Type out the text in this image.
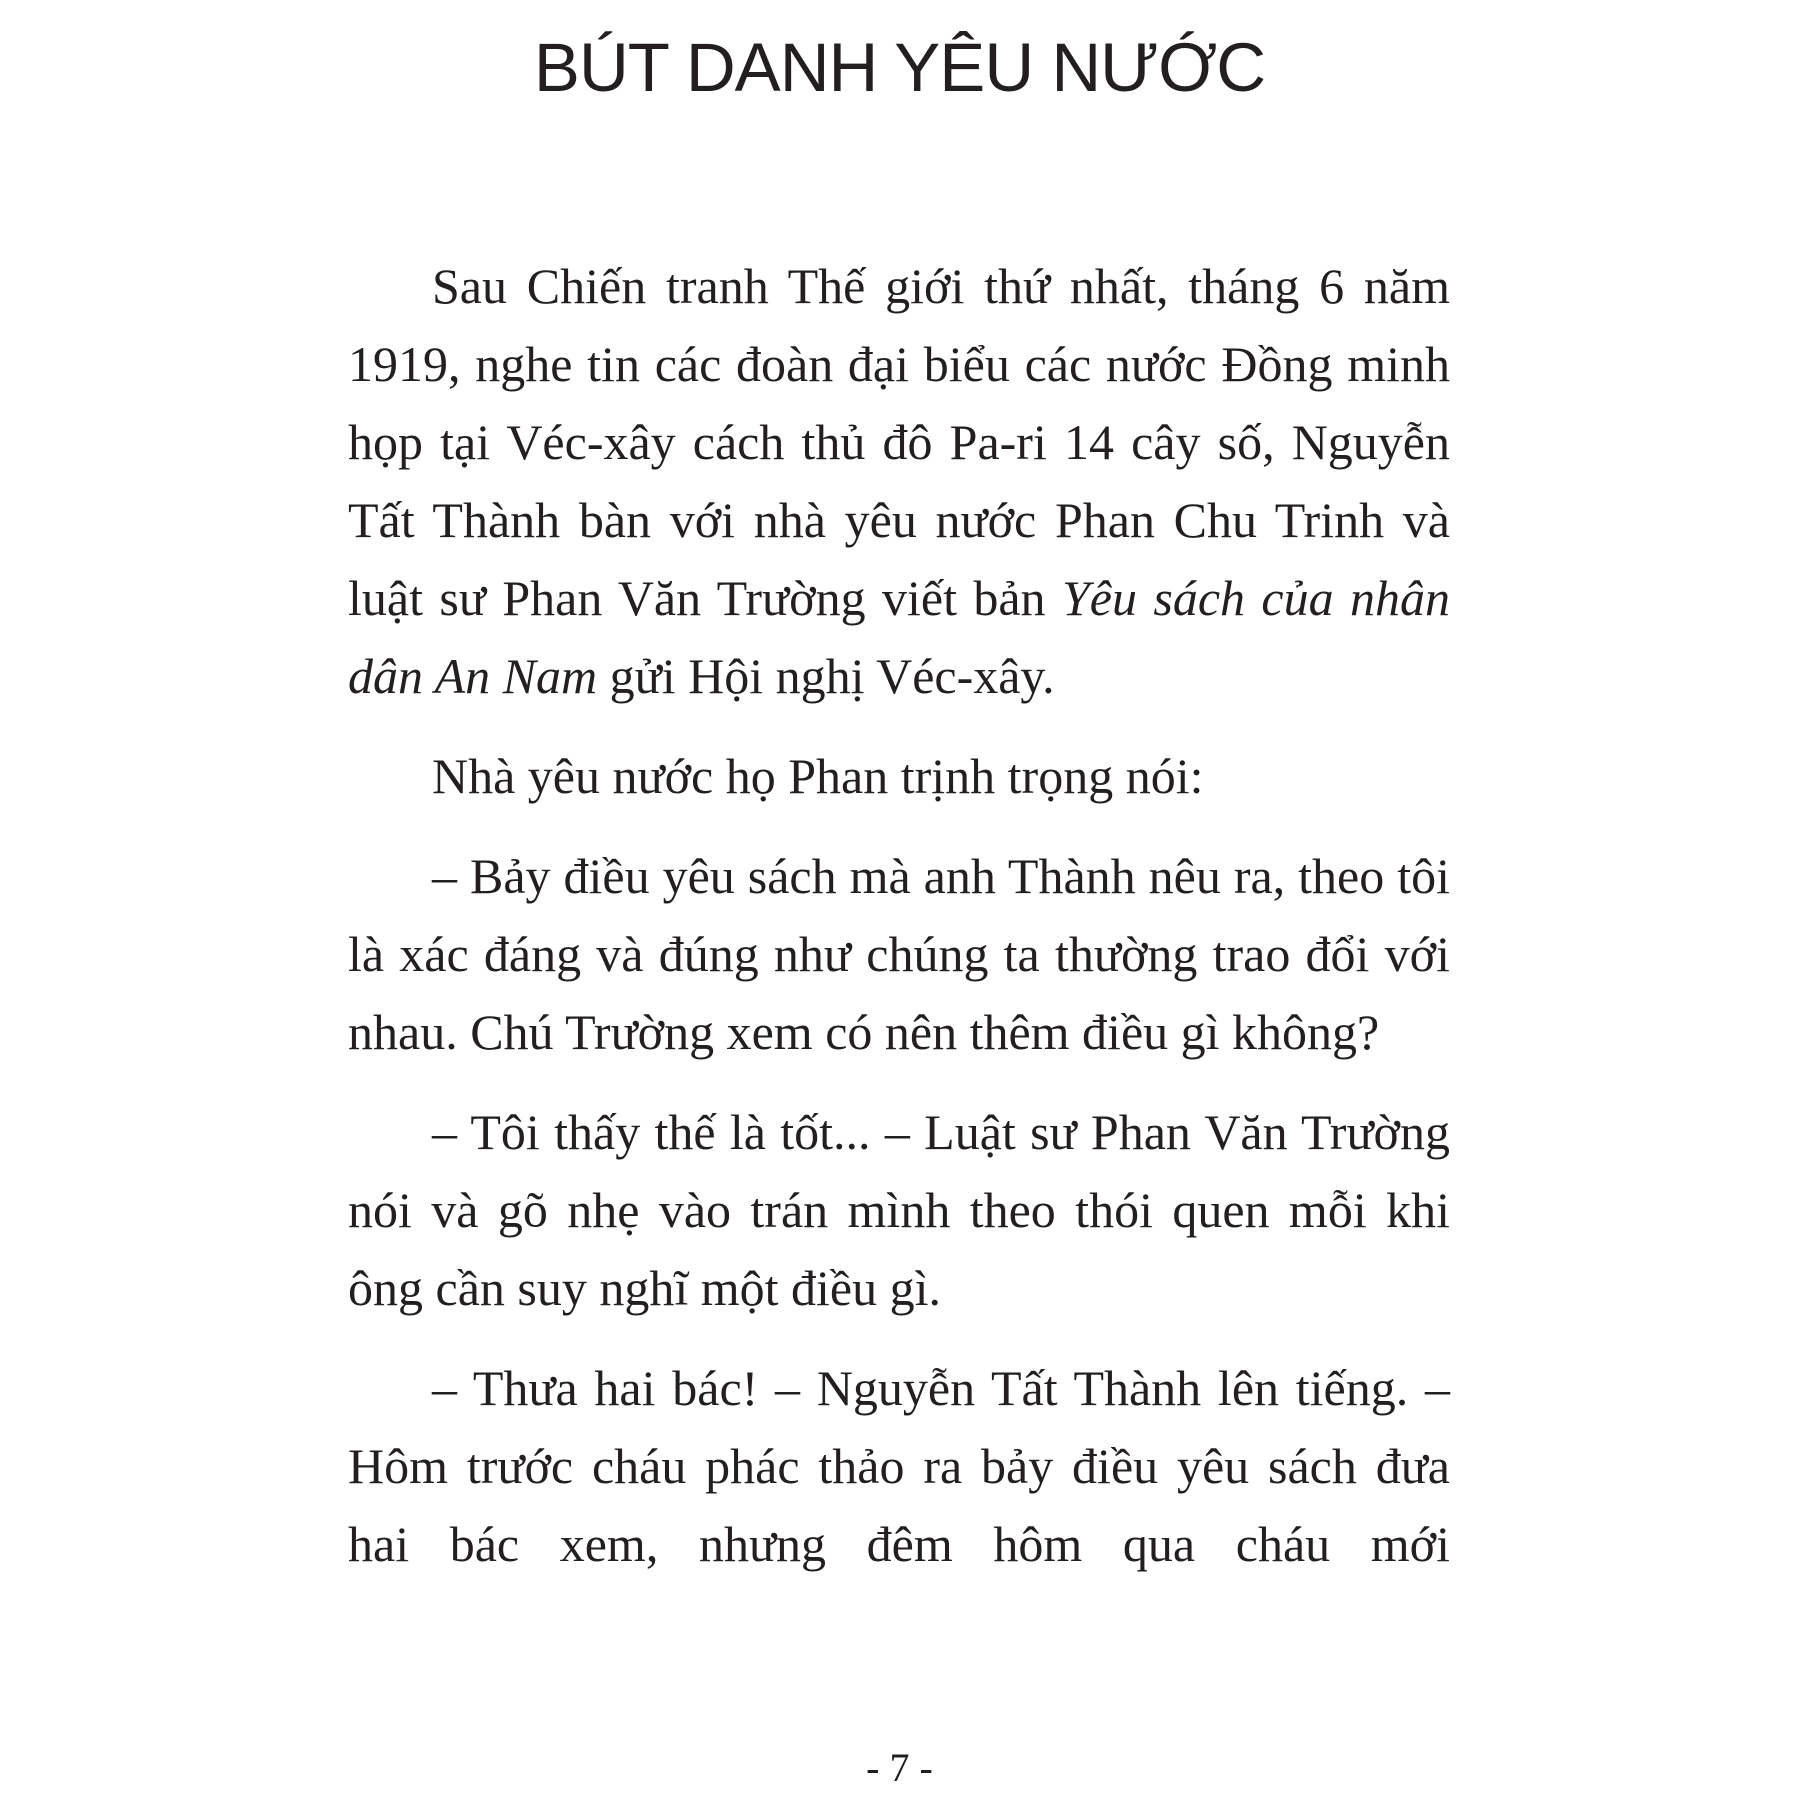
BÚT DANH YÊU NƯỚC

Sau Chiến tranh Thế giới thứ nhất, tháng 6 năm 1919, nghe tin các đoàn đại biểu các nước Đồng minh họp tại Véc-xây cách thủ đô Pa-ri 14 cây số, Nguyễn Tất Thành bàn với nhà yêu nước Phan Chu Trinh và luật sư Phan Văn Trường viết bản Yêu sách của nhân dân An Nam gửi Hội nghị Véc-xây.

Nhà yêu nước họ Phan trịnh trọng nói:

– Bảy điều yêu sách mà anh Thành nêu ra, theo tôi là xác đáng và đúng như chúng ta thường trao đổi với nhau. Chú Trường xem có nên thêm điều gì không?

– Tôi thấy thế là tốt... – Luật sư Phan Văn Trường nói và gõ nhẹ vào trán mình theo thói quen mỗi khi ông cần suy nghĩ một điều gì.

– Thưa hai bác! – Nguyễn Tất Thành lên tiếng. – Hôm trước cháu phác thảo ra bảy điều yêu sách đưa hai bác xem, nhưng đêm hôm qua cháu mới

- 7 -
